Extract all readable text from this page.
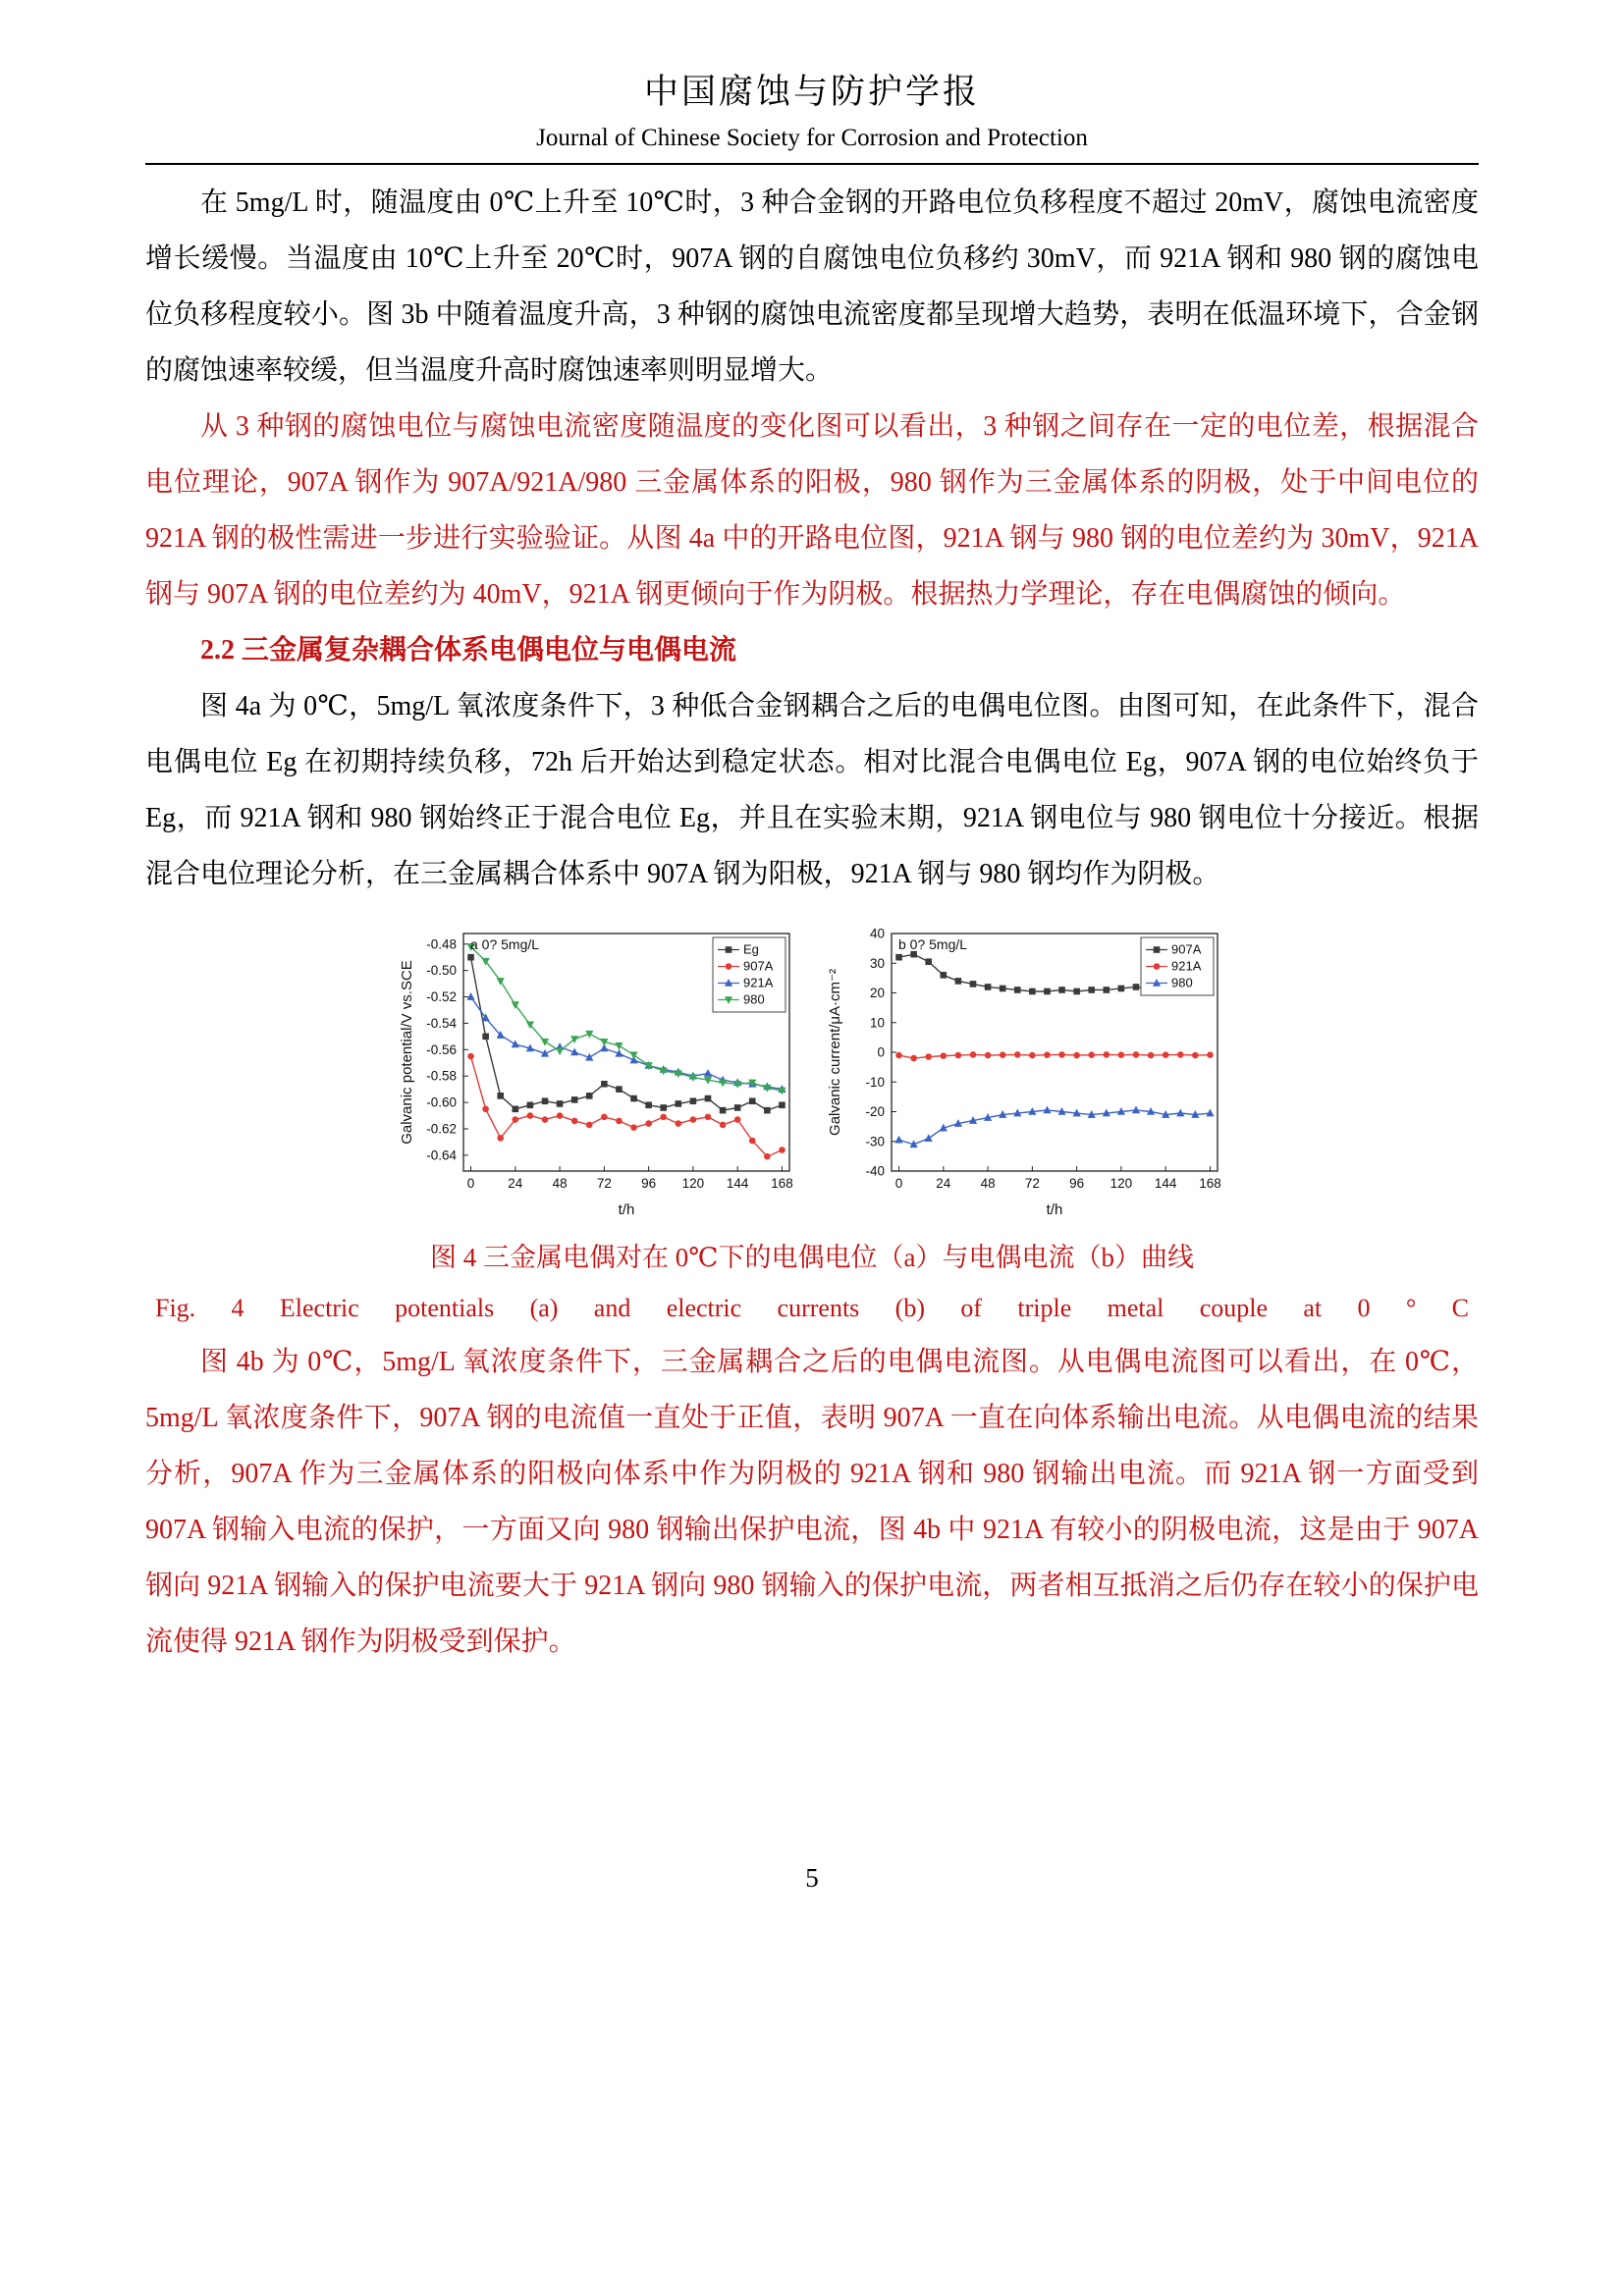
中国腐蚀与防护学报
Journal of Chinese Society for Corrosion and Protection

在 5mg/L 时，随温度由 0℃上升至 10℃时，3 种合金钢的开路电位负移程度不超过 20mV，腐蚀电流密度增长缓慢。当温度由 10℃上升至 20℃时，907A 钢的自腐蚀电位负移约 30mV，而 921A 钢和 980 钢的腐蚀电位负移程度较小。图 3b 中随着温度升高，3 种钢的腐蚀电流密度都呈现增大趋势，表明在低温环境下，合金钢的腐蚀速率较缓，但当温度升高时腐蚀速率则明显增大。

从 3 种钢的腐蚀电位与腐蚀电流密度随温度的变化图可以看出，3 种钢之间存在一定的电位差，根据混合电位理论，907A 钢作为 907A/921A/980 三金属体系的阳极，980 钢作为三金属体系的阴极，处于中间电位的 921A 钢的极性需进一步进行实验验证。从图 4a 中的开路电位图，921A 钢与 980 钢的电位差约为 30mV，921A 钢与 907A 钢的电位差约为 40mV，921A 钢更倾向于作为阴极。根据热力学理论，存在电偶腐蚀的倾向。

2.2 三金属复杂耦合体系电偶电位与电偶电流

图 4a 为 0℃，5mg/L 氧浓度条件下，3 种低合金钢耦合之后的电偶电位图。由图可知，在此条件下，混合电偶电位 Eg 在初期持续负移，72h 后开始达到稳定状态。相对比混合电偶电位 Eg，907A 钢的电位始终负于 Eg，而 921A 钢和 980 钢始终正于混合电位 Eg，并且在实验末期，921A 钢电位与 980 钢电位十分接近。根据混合电位理论分析，在三金属耦合体系中 907A 钢为阳极，921A 钢与 980 钢均作为阴极。

0	24 48 72 96 120 144 168
-0.48
-0.50
-0.52
-0.54
-0.56
-0.58
-0.60
-0.62
-0.64
a 0? 5mg/L
t/h
Galvanic potential/V vs.SCE
Eg
907A
921A
980
0	24 48 72 96 120 144 168
40
30
20
10
0
-10
-20
-30
-40
b 0? 5mg/L
t/h
Galvanic current/μA·cm⁻²
907A
921A
980

图 4 三金属电偶对在 0℃下的电偶电位（a）与电偶电流（b）曲线

Fig. 4 Electric potentials (a) and electric currents (b) of triple metal couple at 0 ° C

图 4b 为 0℃，5mg/L 氧浓度条件下，三金属耦合之后的电偶电流图。从电偶电流图可以看出，在 0℃，5mg/L 氧浓度条件下，907A 钢的电流值一直处于正值，表明 907A 一直在向体系输出电流。从电偶电流的结果分析，907A 作为三金属体系的阳极向体系中作为阴极的 921A 钢和 980 钢输出电流。而 921A 钢一方面受到 907A 钢输入电流的保护，一方面又向 980 钢输出保护电流，图 4b 中 921A 有较小的阴极电流，这是由于 907A 钢向 921A 钢输入的保护电流要大于 921A 钢向 980 钢输入的保护电流，两者相互抵消之后仍存在较小的保护电流使得 921A 钢作为阴极受到保护。

5
